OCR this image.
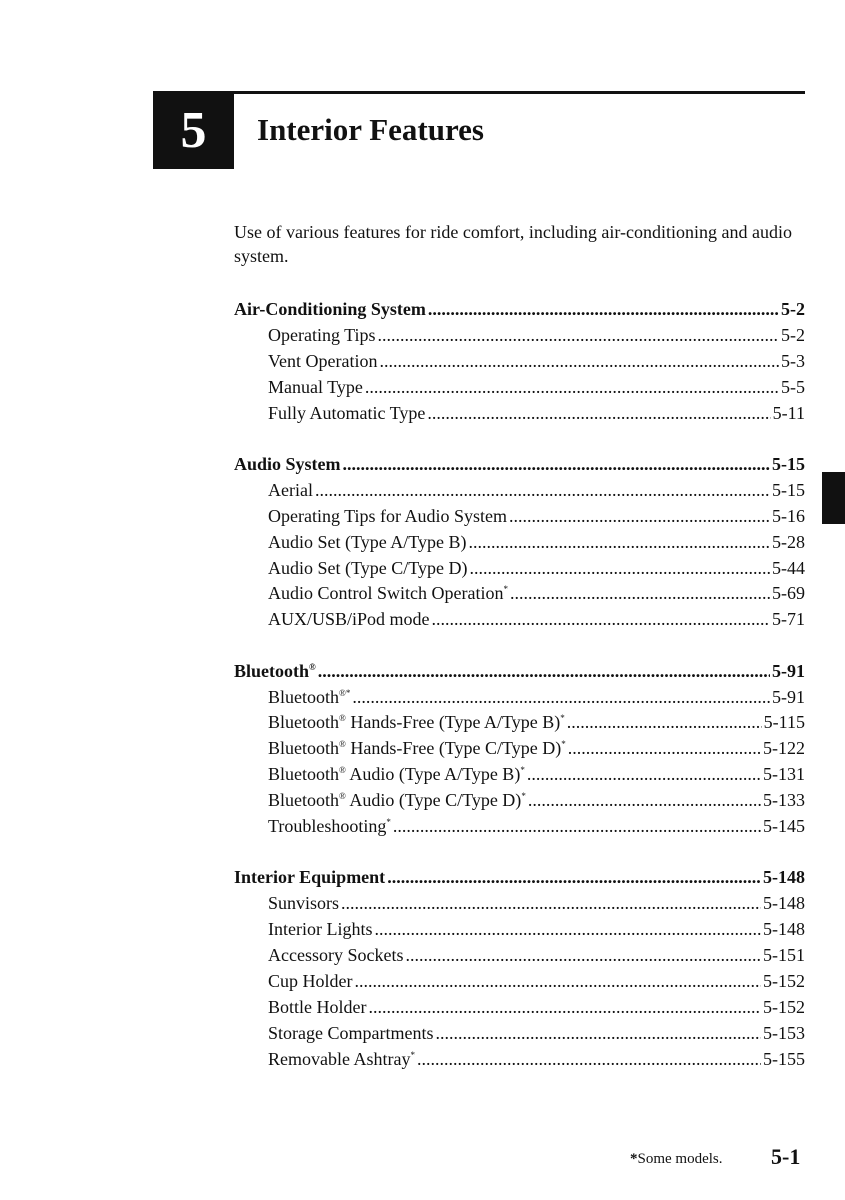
5 Interior Features
Use of various features for ride comfort, including air-conditioning and audio system.
Air-Conditioning System .....	5-2
Operating Tips .....	5-2
Vent Operation .....	5-3
Manual Type .....	5-5
Fully Automatic Type .....	5-11
Audio System .....	5-15
Aerial .....	5-15
Operating Tips for Audio System .....	5-16
Audio Set (Type A/Type B) .....	5-28
Audio Set (Type C/Type D) .....	5-44
Audio Control Switch Operation* .....	5-69
AUX/USB/iPod mode .....	5-71
Bluetooth® .....	5-91
Bluetooth®* .....	5-91
Bluetooth® Hands-Free (Type A/Type B)* .....	5-115
Bluetooth® Hands-Free (Type C/Type D)* .....	5-122
Bluetooth® Audio (Type A/Type B)* .....	5-131
Bluetooth® Audio (Type C/Type D)* .....	5-133
Troubleshooting* .....	5-145
Interior Equipment .....	5-148
Sunvisors .....	5-148
Interior Lights .....	5-148
Accessory Sockets .....	5-151
Cup Holder .....	5-152
Bottle Holder .....	5-152
Storage Compartments .....	5-153
Removable Ashtray* .....	5-155
*Some models. 5-1
